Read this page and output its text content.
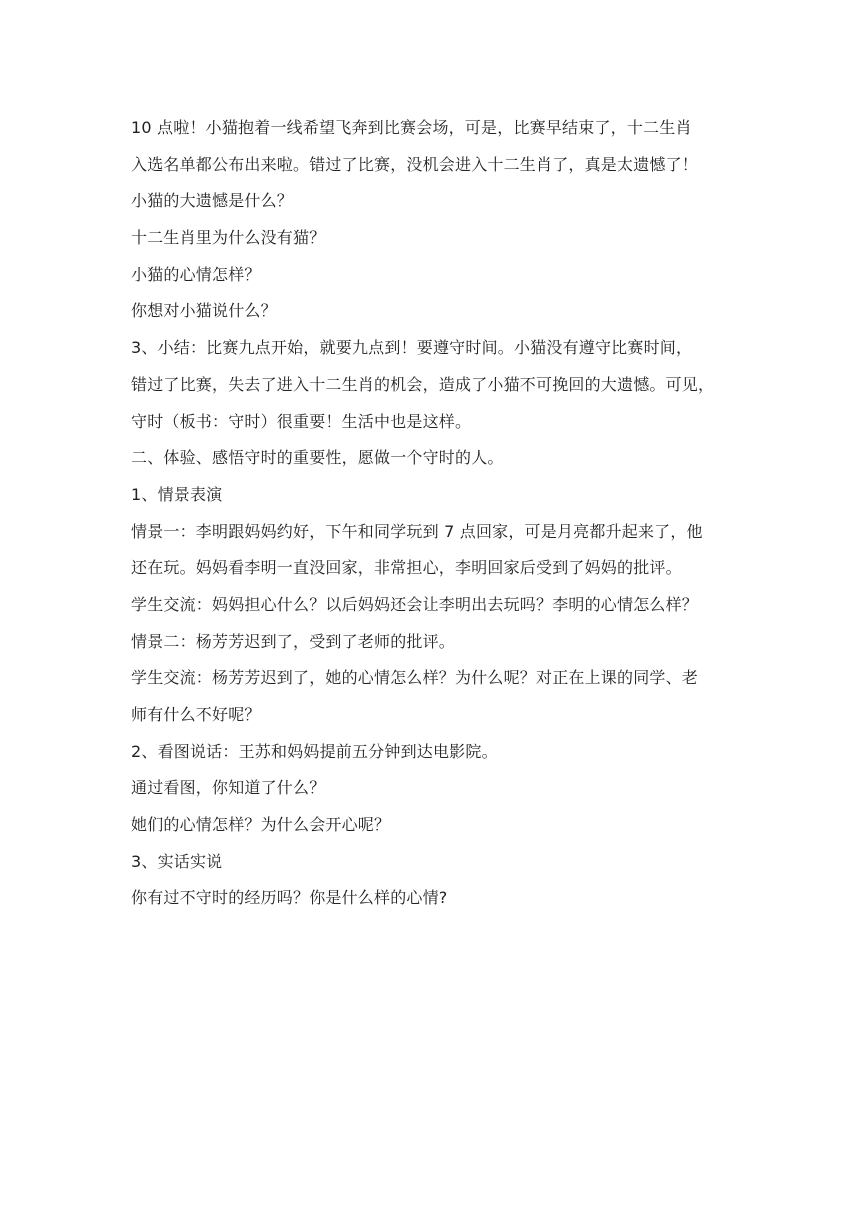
10 点啦！小猫抱着一线希望飞奔到比赛会场，可是，比赛早结束了，十二生肖
入选名单都公布出来啦。错过了比赛，没机会进入十二生肖了，真是太遗憾了！
小猫的大遗憾是什么？
十二生肖里为什么没有猫？
小猫的心情怎样？
你想对小猫说什么？
3、小结：比赛九点开始，就要九点到！要遵守时间。小猫没有遵守比赛时间，
错过了比赛，失去了进入十二生肖的机会，造成了小猫不可挽回的大遗憾。可见，
守时（板书：守时）很重要！生活中也是这样。
二、体验、感悟守时的重要性，愿做一个守时的人。
1、情景表演
情景一：李明跟妈妈约好，下午和同学玩到 7 点回家，可是月亮都升起来了，他
还在玩。妈妈看李明一直没回家，非常担心，李明回家后受到了妈妈的批评。
学生交流：妈妈担心什么？以后妈妈还会让李明出去玩吗？李明的心情怎么样？
情景二：杨芳芳迟到了，受到了老师的批评。
学生交流：杨芳芳迟到了，她的心情怎么样？为什么呢？对正在上课的同学、老
师有什么不好呢？
2、看图说话：王苏和妈妈提前五分钟到达电影院。
通过看图，你知道了什么？
她们的心情怎样？为什么会开心呢？
3、实话实说
你有过不守时的经历吗？你是什么样的心情?
